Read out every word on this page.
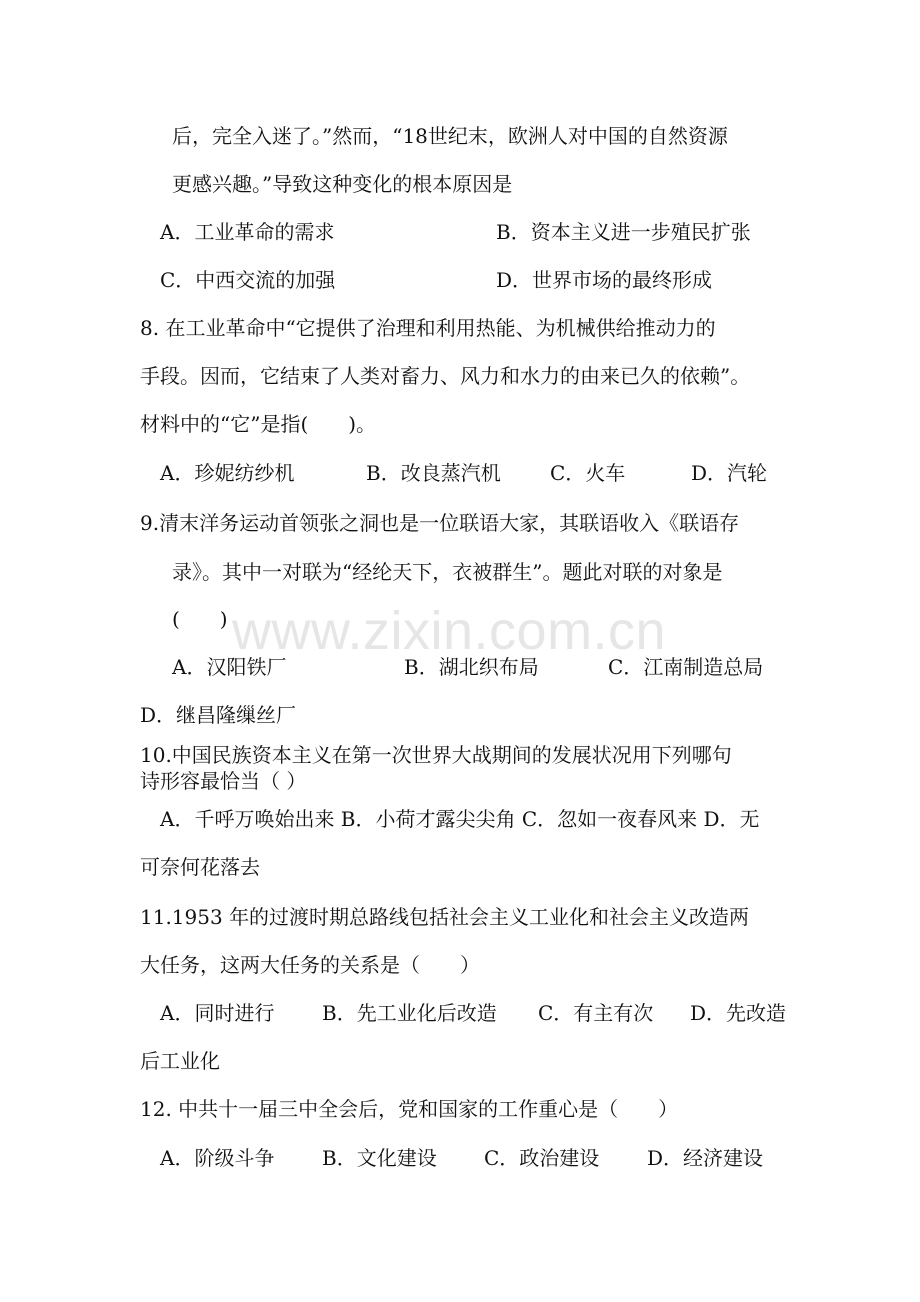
www.zixin.com.cn
后，完全入迷了。”然而，“18世纪末，欧洲人对中国的自然资源
更感兴趣。”导致这种变化的根本原因是
A．工业革命的需求	B．资本主义进一步殖民扩张
C．中西交流的加强	D．世界市场的最终形成
8. 在工业革命中“它提供了治理和利用热能、为机械供给推动力的
手段。因而，它结束了人类对畜力、风力和水力的由来已久的依赖”。
材料中的“它”是指(　　)。
A．珍妮纺纱机	B．改良蒸汽机 C．火车	D．汽轮
9.清末洋务运动首领张之洞也是一位联语大家，其联语收入《联语存
录》。其中一对联为“经纶天下，衣被群生”。题此对联的对象是
(　　)
A．汉阳铁厂	B．湖北织布局	C．江南制造总局
D．继昌隆缫丝厂
10.中国民族资本主义在第一次世界大战期间的发展状况用下列哪句
诗形容最恰当（ ）
A．千呼万唤始出来 B．小荷才露尖尖角 C．忽如一夜春风来 D．无
可奈何花落去
11.1953 年的过渡时期总路线包括社会主义工业化和社会主义改造两
大任务，这两大任务的关系是（　　）
A．同时进行 B．先工业化后改造 C．有主有次 D．先改造
后工业化
12. 中共十一届三中全会后，党和国家的工作重心是（　　）
A．阶级斗争 B．文化建设 C．政治建设 D．经济建设
